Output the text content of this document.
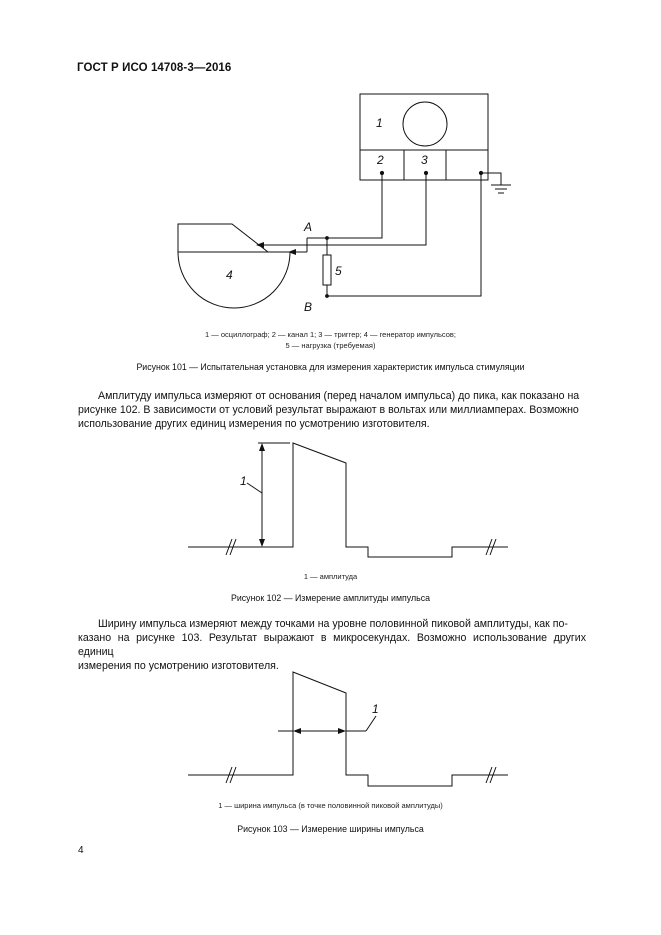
ГОСТ Р ИСО 14708-3—2016
1
2	3
4	5
A
B
1 — осциллограф; 2 — канал 1; 3 — триггер; 4 — генератор импульсов;
5 — нагрузка (требуемая)
Рисунок 101 — Испытательная установка для измерения характеристик импульса стимуляции
Амплитуду импульса измеряют от основания (перед началом импульса) до пика, как показано на
рисунке 102. В зависимости от условий результат выражают в вольтах или миллиамперах. Возможно
использование других единиц измерения по усмотрению изготовителя.
1
1 — амплитуда
Рисунок 102 — Измерение амплитуды импульса
Ширину импульса измеряют между точками на уровне половинной пиковой амплитуды, как по-
казано на рисунке 103. Результат выражают в микросекундах. Возможно использование других единиц
измерения по усмотрению изготовителя.
1
1 — ширина импульса (в точке половинной пиковой амплитуды)
Рисунок 103 — Измерение ширины импульса
4
